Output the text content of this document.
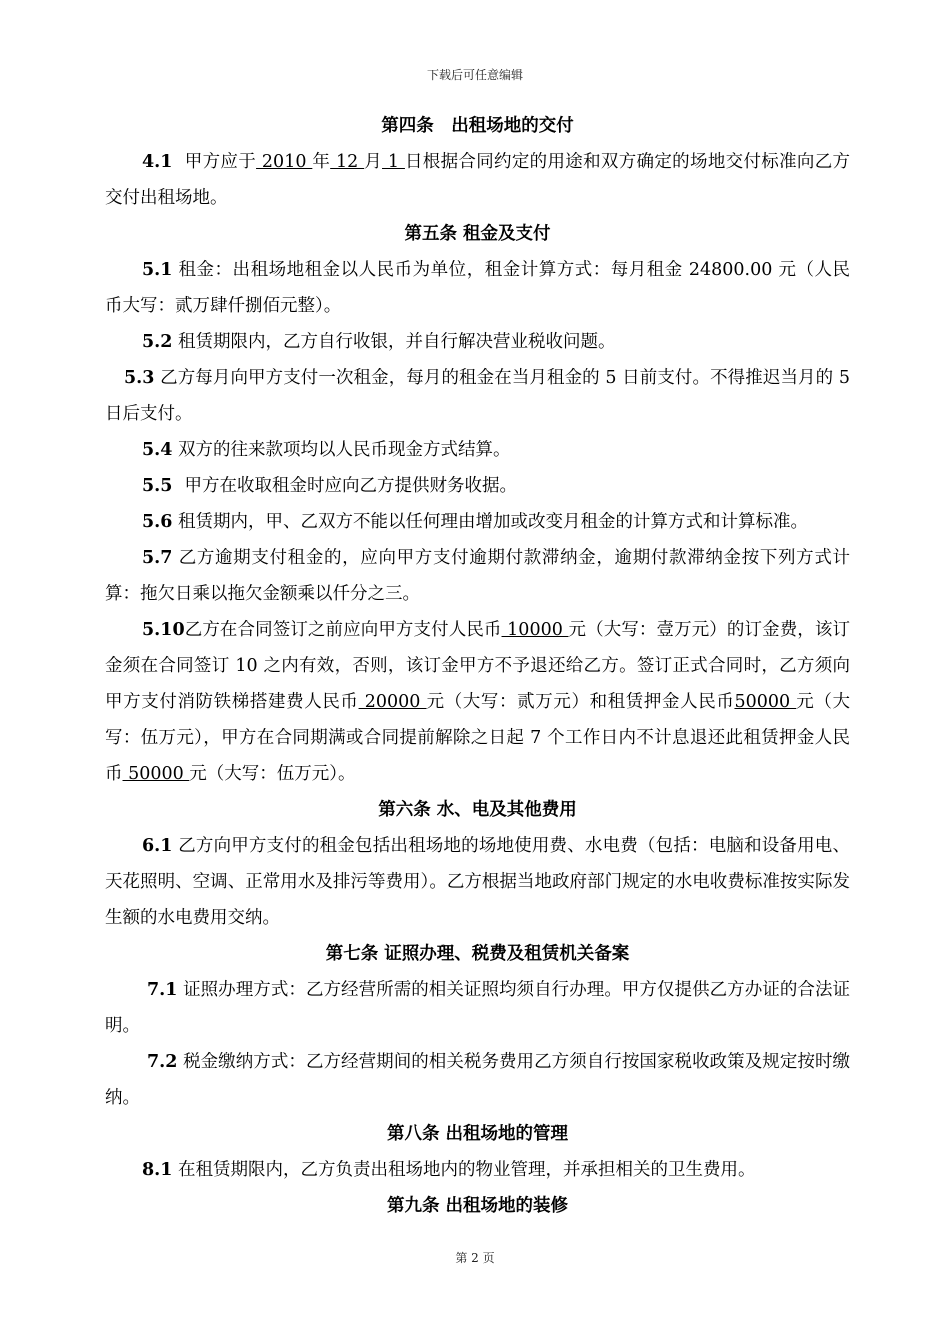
下载后可任意编辑
第四条　出租场地的交付
4.1 甲方应于 2010 年 12 月 1 日根据合同约定的用途和双方确定的场地交付标准向乙方交付出租场地。
第五条 租金及支付
5.1 租金：出租场地租金以人民币为单位，租金计算方式：每月租金 24800.00 元（人民币大写：贰万肆仟捌佰元整）。
5.2 租赁期限内，乙方自行收银，并自行解决营业税收问题。
5.3 乙方每月向甲方支付一次租金，每月的租金在当月租金的 5 日前支付。不得推迟当月的 5 日后支付。
5.4 双方的往来款项均以人民币现金方式结算。
5.5 甲方在收取租金时应向乙方提供财务收据。
5.6 租赁期内，甲、乙双方不能以任何理由增加或改变月租金的计算方式和计算标准。
5.7 乙方逾期支付租金的，应向甲方支付逾期付款滞纳金，逾期付款滞纳金按下列方式计算：拖欠日乘以拖欠金额乘以仟分之三。
5.10乙方在合同签订之前应向甲方支付人民币 10000 元（大写：壹万元）的订金费，该订金须在合同签订 10 之内有效，否则，该订金甲方不予退还给乙方。签订正式合同时，乙方须向甲方支付消防铁梯搭建费人民币 20000 元（大写：贰万元）和租赁押金人民币50000 元（大写：伍万元），甲方在合同期满或合同提前解除之日起 7 个工作日内不计息退还此租赁押金人民币 50000 元（大写：伍万元）。
第六条 水、电及其他费用
6.1 乙方向甲方支付的租金包括出租场地的场地使用费、水电费（包括：电脑和设备用电、天花照明、空调、正常用水及排污等费用）。乙方根据当地政府部门规定的水电收费标准按实际发生额的水电费用交纳。
第七条 证照办理、税费及租赁机关备案
7.1 证照办理方式：乙方经营所需的相关证照均须自行办理。甲方仅提供乙方办证的合法证明。
7.2 税金缴纳方式：乙方经营期间的相关税务费用乙方须自行按国家税收政策及规定按时缴纳。
第八条 出租场地的管理
8.1 在租赁期限内，乙方负责出租场地内的物业管理，并承担相关的卫生费用。
第九条 出租场地的装修
第 2 页
